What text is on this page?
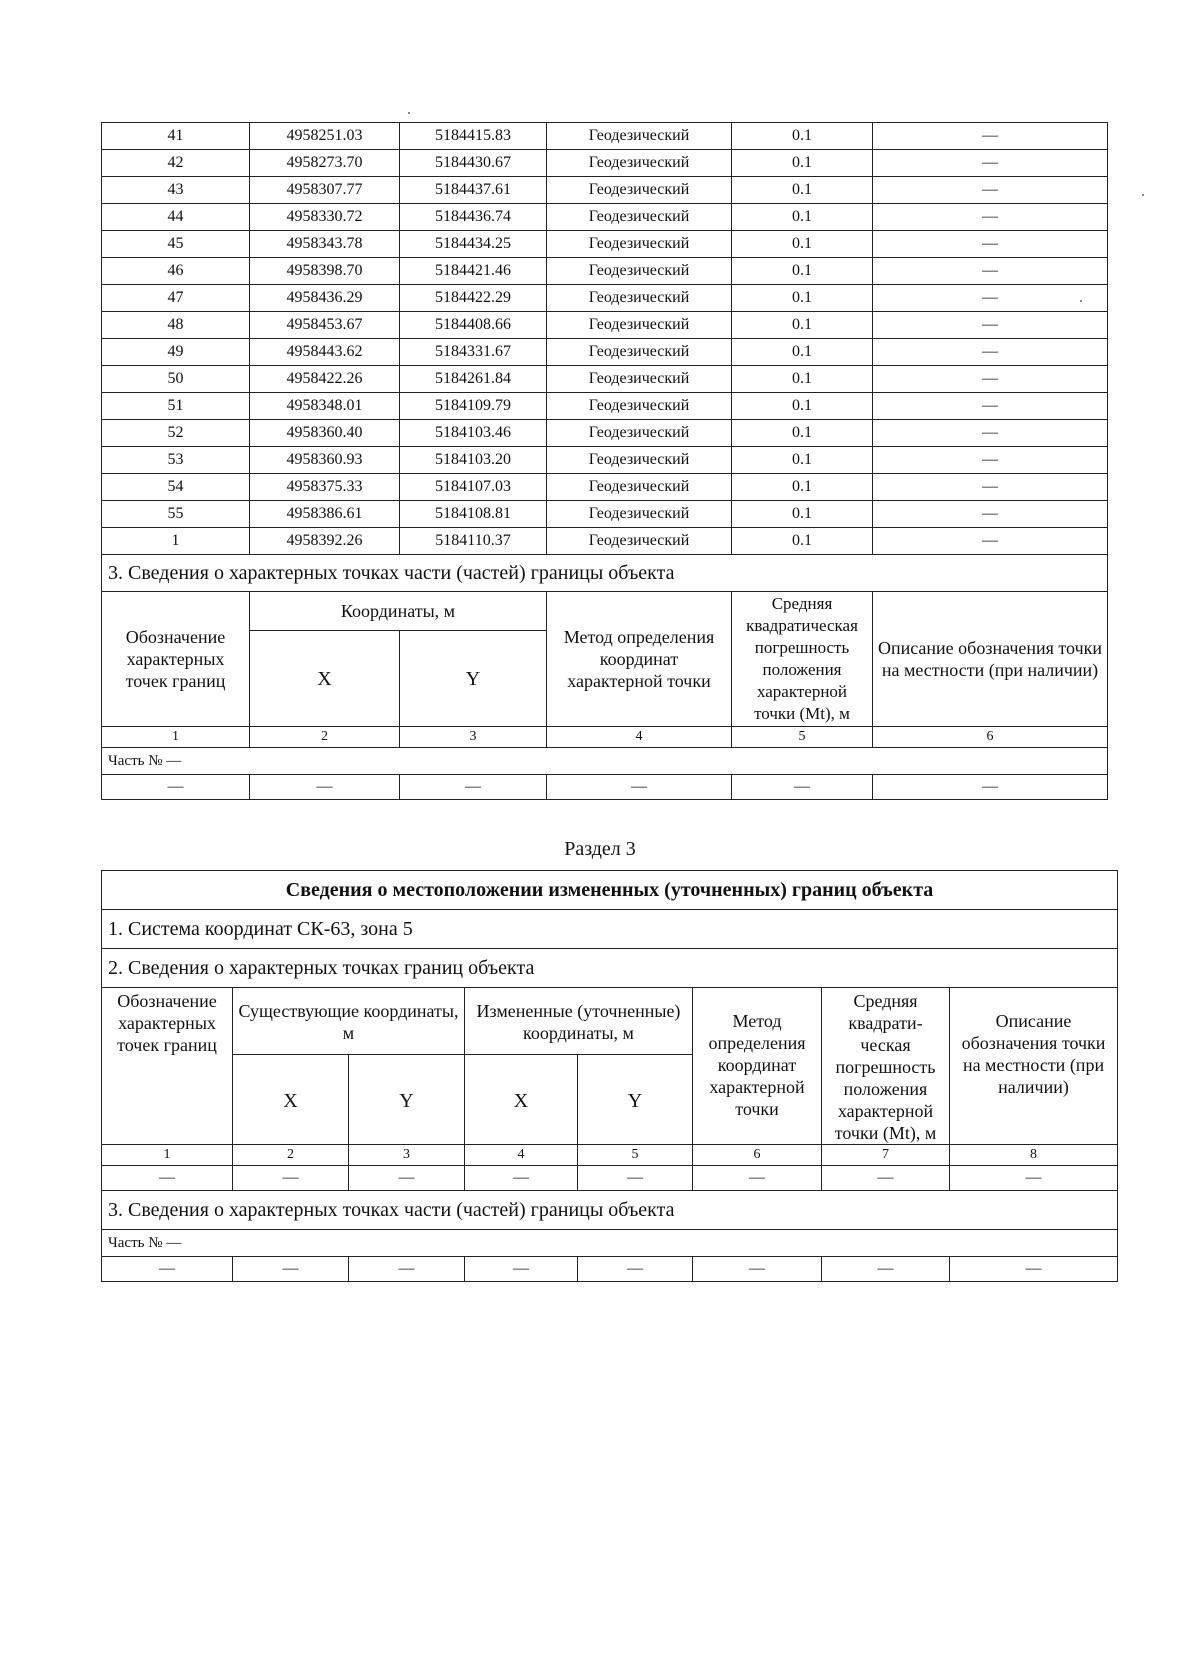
41	4958251.03	5184415.83	Геодезический	0.1	—
42	4958273.70	5184430.67	Геодезический	0.1	—
43	4958307.77	5184437.61	Геодезический	0.1	—
44	4958330.72	5184436.74	Геодезический	0.1	—
45	4958343.78	5184434.25	Геодезический	0.1	—
46	4958398.70	5184421.46	Геодезический	0.1	—
47	4958436.29	5184422.29	Геодезический	0.1	—
48	4958453.67	5184408.66	Геодезический	0.1	—
49	4958443.62	5184331.67	Геодезический	0.1	—
50	4958422.26	5184261.84	Геодезический	0.1	—
51	4958348.01	5184109.79	Геодезический	0.1	—
52	4958360.40	5184103.46	Геодезический	0.1	—
53	4958360.93	5184103.20	Геодезический	0.1	—
54	4958375.33	5184107.03	Геодезический	0.1	—
55	4958386.61	5184108.81	Геодезический	0.1	—
1	4958392.26	5184110.37	Геодезический	0.1	—
3. Сведения о характерных точках части (частей) границы объекта					
Обозначение характерных точек границ	Координаты, м		Метод определения координат характерной точки	Средняя квадратическая погрешность положения характерной точки (Mt), м	Описание обозначения точки на местности (при наличии)
	X	Y			
1	2	3	4	5	6
Часть № —					
—	—	—	—	—	—
Раздел 3
Сведения о местоположении измененных (уточненных) границ объекта							
1. Система координат СК-63, зона 5							
2. Сведения о характерных точках границ объекта							
Обозначение характерных точек границ	Существующие координаты, м		Измененные (уточненные) координаты, м		Метод определения координат характерной точки	Средняя квадрати-ческая погрешность положения характерной точки (Mt), м	Описание обозначения точки на местности (при наличии)
	X	Y	X	Y			
1	2	3	4	5	6	7	8
—	—	—	—	—	—	—	—
3. Сведения о характерных точках части (частей) границы объекта							
Часть № —							
—	—	—	—	—	—	—	—
